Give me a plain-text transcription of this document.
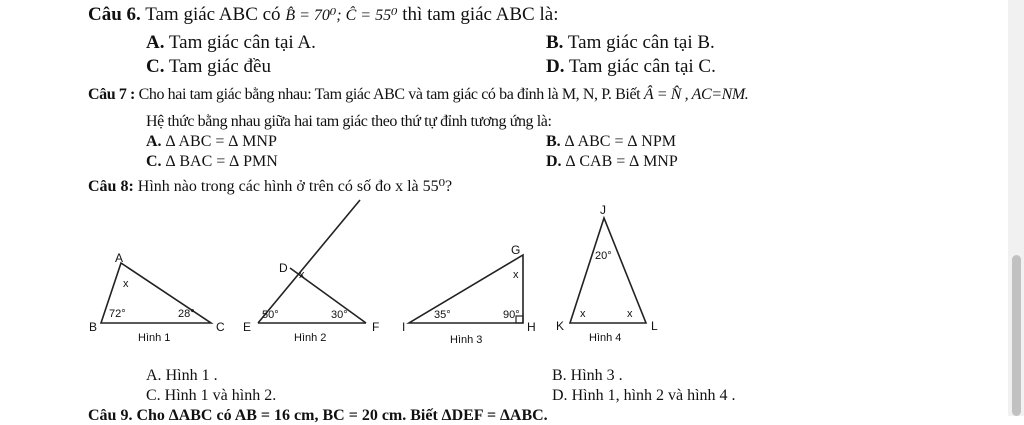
Câu 6. Tam giác ABC có B̂ = 70⁰; Ĉ = 55⁰ thì tam giác ABC là:
A. Tam giác cân tại A.	B. Tam giác cân tại B.
C. Tam giác đều	D. Tam giác cân tại C.
Câu 7 : Cho hai tam giác bằng nhau: Tam giác ABC và tam giác có ba đỉnh là M, N, P. Biết Â = N̂ , AC=NM.
Hệ thức bằng nhau giữa hai tam giác theo thứ tự đỉnh tương ứng là:
A. ∆ ABC = ∆ MNP	B. ∆ ABC = ∆ NPM
C. ∆ BAC = ∆ PMN	D. ∆ CAB = ∆ MNP
Câu 8: Hình nào trong các hình ở trên có số đo x là 55⁰?
A
B	C
x
72°	28°
Hình 1
D
E	F
x
50°	30°
Hình 2
G
H
I
x
35°	90°
Hình 3
J
K	L
20°
x	x
Hình 4
A. Hình 1 .	B. Hình 3 .
C. Hình 1 và hình 2.	D. Hình 1, hình 2 và hình 4 .
Câu 9. Cho ∆ABC có AB = 16 cm, BC = 20 cm. Biết ∆DEF = ∆ABC.
